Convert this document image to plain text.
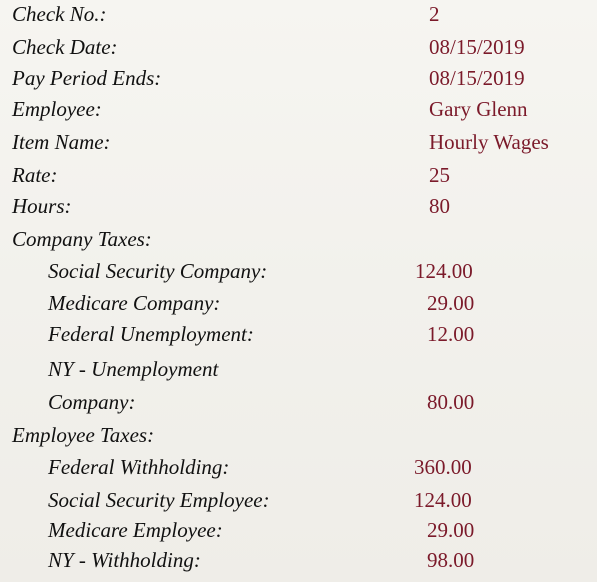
Check No.:	2
Check Date:	08/15/2019
Pay Period Ends:	08/15/2019
Employee:	Gary Glenn
Item Name:	Hourly Wages
Rate:	25
Hours:	80
Company Taxes:
Social Security Company:	124.00
Medicare Company:	29.00
Federal Unemployment:	12.00
NY - Unemployment
Company:	80.00
Employee Taxes:
Federal Withholding:	360.00
Social Security Employee:	124.00
Medicare Employee:	29.00
NY - Withholding:	98.00
